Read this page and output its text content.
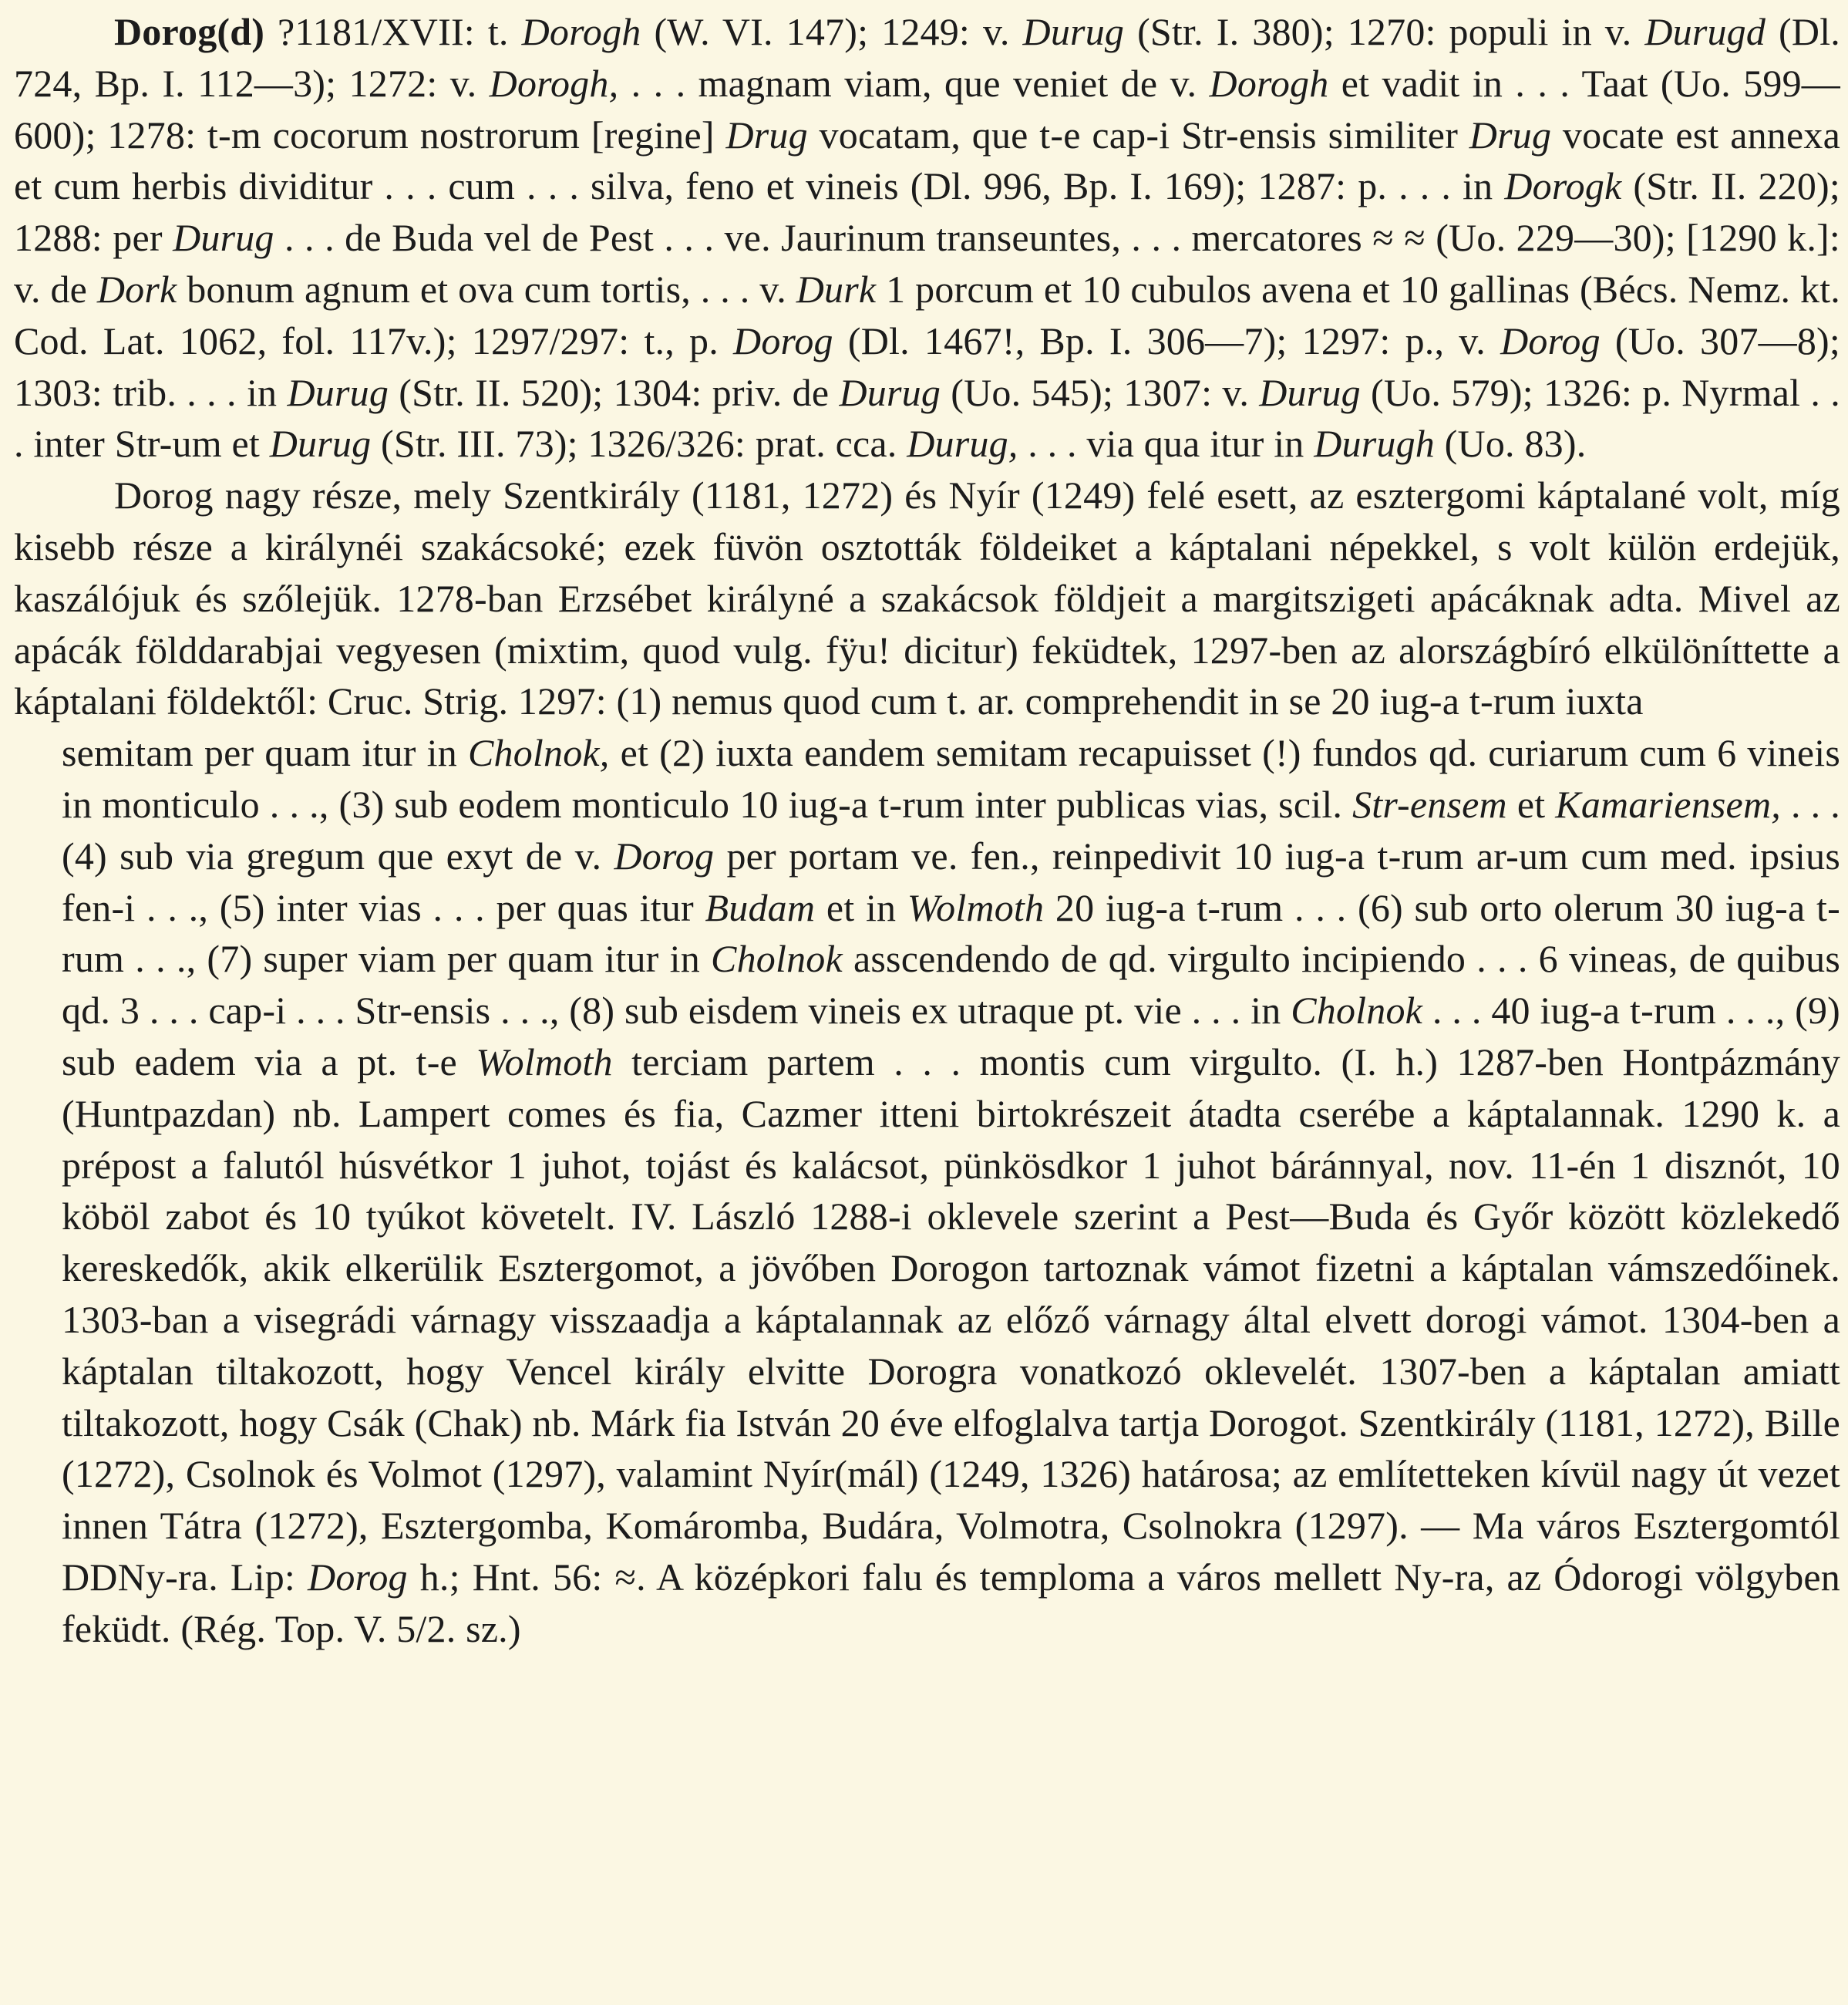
Dorog(d) ?1181/XVII: t. Dorogh (W. VI. 147); 1249: v. Durug (Str. I. 380); 1270: populi in v. Durugd (Dl. 724, Bp. I. 112—3); 1272: v. Dorogh, . . . magnam viam, que veniet de v. Dorogh et vadit in . . . Taat (Uo. 599—600); 1278: t-m cocorum nostrorum [regine] Drug vocatam, que t-e cap-i Str-ensis similiter Drug vocate est annexa et cum herbis dividitur . . . cum . . . silva, feno et vineis (Dl. 996, Bp. I. 169); 1287: p. . . . in Dorogk (Str. II. 220); 1288: per Durug . . . de Buda vel de Pest . . . ve. Jaurinum transeuntes, . . . mercatores ≈ ≈ (Uo. 229—30); [1290 k.]: v. de Dork bonum agnum et ova cum tortis, . . . v. Durk 1 porcum et 10 cubulos avena et 10 gallinas (Bécs. Nemz. kt. Cod. Lat. 1062, fol. 117v.); 1297/297: t., p. Dorog (Dl. 1467!, Bp. I. 306—7); 1297: p., v. Dorog (Uo. 307—8); 1303: trib. . . . in Durug (Str. II. 520); 1304: priv. de Durug (Uo. 545); 1307: v. Durug (Uo. 579); 1326: p. Nyrmal . . . inter Str-um et Durug (Str. III. 73); 1326/326: prat. cca. Durug, . . . via qua itur in Durugh (Uo. 83).

Dorog nagy része, mely Szentkirály (1181, 1272) és Nyír (1249) felé esett, az esztergomi káptalané volt, míg kisebb része a királynéi szakácsoké; ezek füvön osztották földeiket a káptalani népekkel, s volt külön erdejük, kaszálójuk és szőlejük. 1278-ban Erzsébet királyné a szakácsok földjeit a margitszigeti apácáknak adta. Mivel az apácák földdarabjai vegyesen (mixtim, quod vulg. fÿu! dicitur) feküdtek, 1297-ben az alországbíró elkülöníttette a káptalani földektől: Cruc. Strig. 1297: (1) nemus quod cum t. ar. comprehendit in se 20 iug-a t-rum iuxta

semitam per quam itur in Cholnok, et (2) iuxta eandem semitam recapuisset (!) fundos qd. curiarum cum 6 vineis in monticulo . . ., (3) sub eodem monticulo 10 iug-a t-rum inter publicas vias, scil. Str-ensem et Kamariensem, . . . (4) sub via gregum que exyt de v. Dorog per portam ve. fen., reinpedivit 10 iug-a t-rum ar-um cum med. ipsius fen-i . . ., (5) inter vias . . . per quas itur Budam et in Wolmoth 20 iug-a t-rum . . . (6) sub orto olerum 30 iug-a t-rum . . ., (7) super viam per quam itur in Cholnok asscendendo de qd. virgulto incipiendo . . . 6 vineas, de quibus qd. 3 . . . cap-i . . . Str-ensis . . ., (8) sub eisdem vineis ex utraque pt. vie . . . in Cholnok . . . 40 iug-a t-rum . . ., (9) sub eadem via a pt. t-e Wolmoth terciam partem . . . montis cum virgulto. (I. h.) 1287-ben Hontpázmány (Huntpazdan) nb. Lampert comes és fia, Cazmer itteni birtokrészeit átadta cserébe a káptalannak. 1290 k. a prépost a falutól húsvétkor 1 juhot, tojást és kalácsot, pünkösdkor 1 juhot báránnyal, nov. 11-én 1 disznót, 10 köböl zabot és 10 tyúkot követelt. IV. László 1288-i oklevele szerint a Pest—Buda és Győr között közlekedő kereskedők, akik elkerülik Esztergomot, a jövőben Dorogon tartoznak vámot fizetni a káptalan vámszedőinek. 1303-ban a visegrádi várnagy visszaadja a káptalannak az előző várnagy által elvett dorogi vámot. 1304-ben a káptalan tiltakozott, hogy Vencel király elvitte Dorogra vonatkozó oklevelét. 1307-ben a káptalan amiatt tiltakozott, hogy Csák (Chak) nb. Márk fia István 20 éve elfoglalva tartja Dorogot. Szentkirály (1181, 1272), Bille (1272), Csolnok és Volmot (1297), valamint Nyír(mál) (1249, 1326) határosa; az említetteken kívül nagy út vezet innen Tátra (1272), Esztergomba, Komáromba, Budára, Volmotra, Csolnokra (1297). — Ma város Esztergomtól DDNy-ra. Lip: Dorog h.; Hnt. 56: ≈. A középkori falu és temploma a város mellett Ny-ra, az Ódorogi völgyben feküdt. (Rég. Top. V. 5/2. sz.)
